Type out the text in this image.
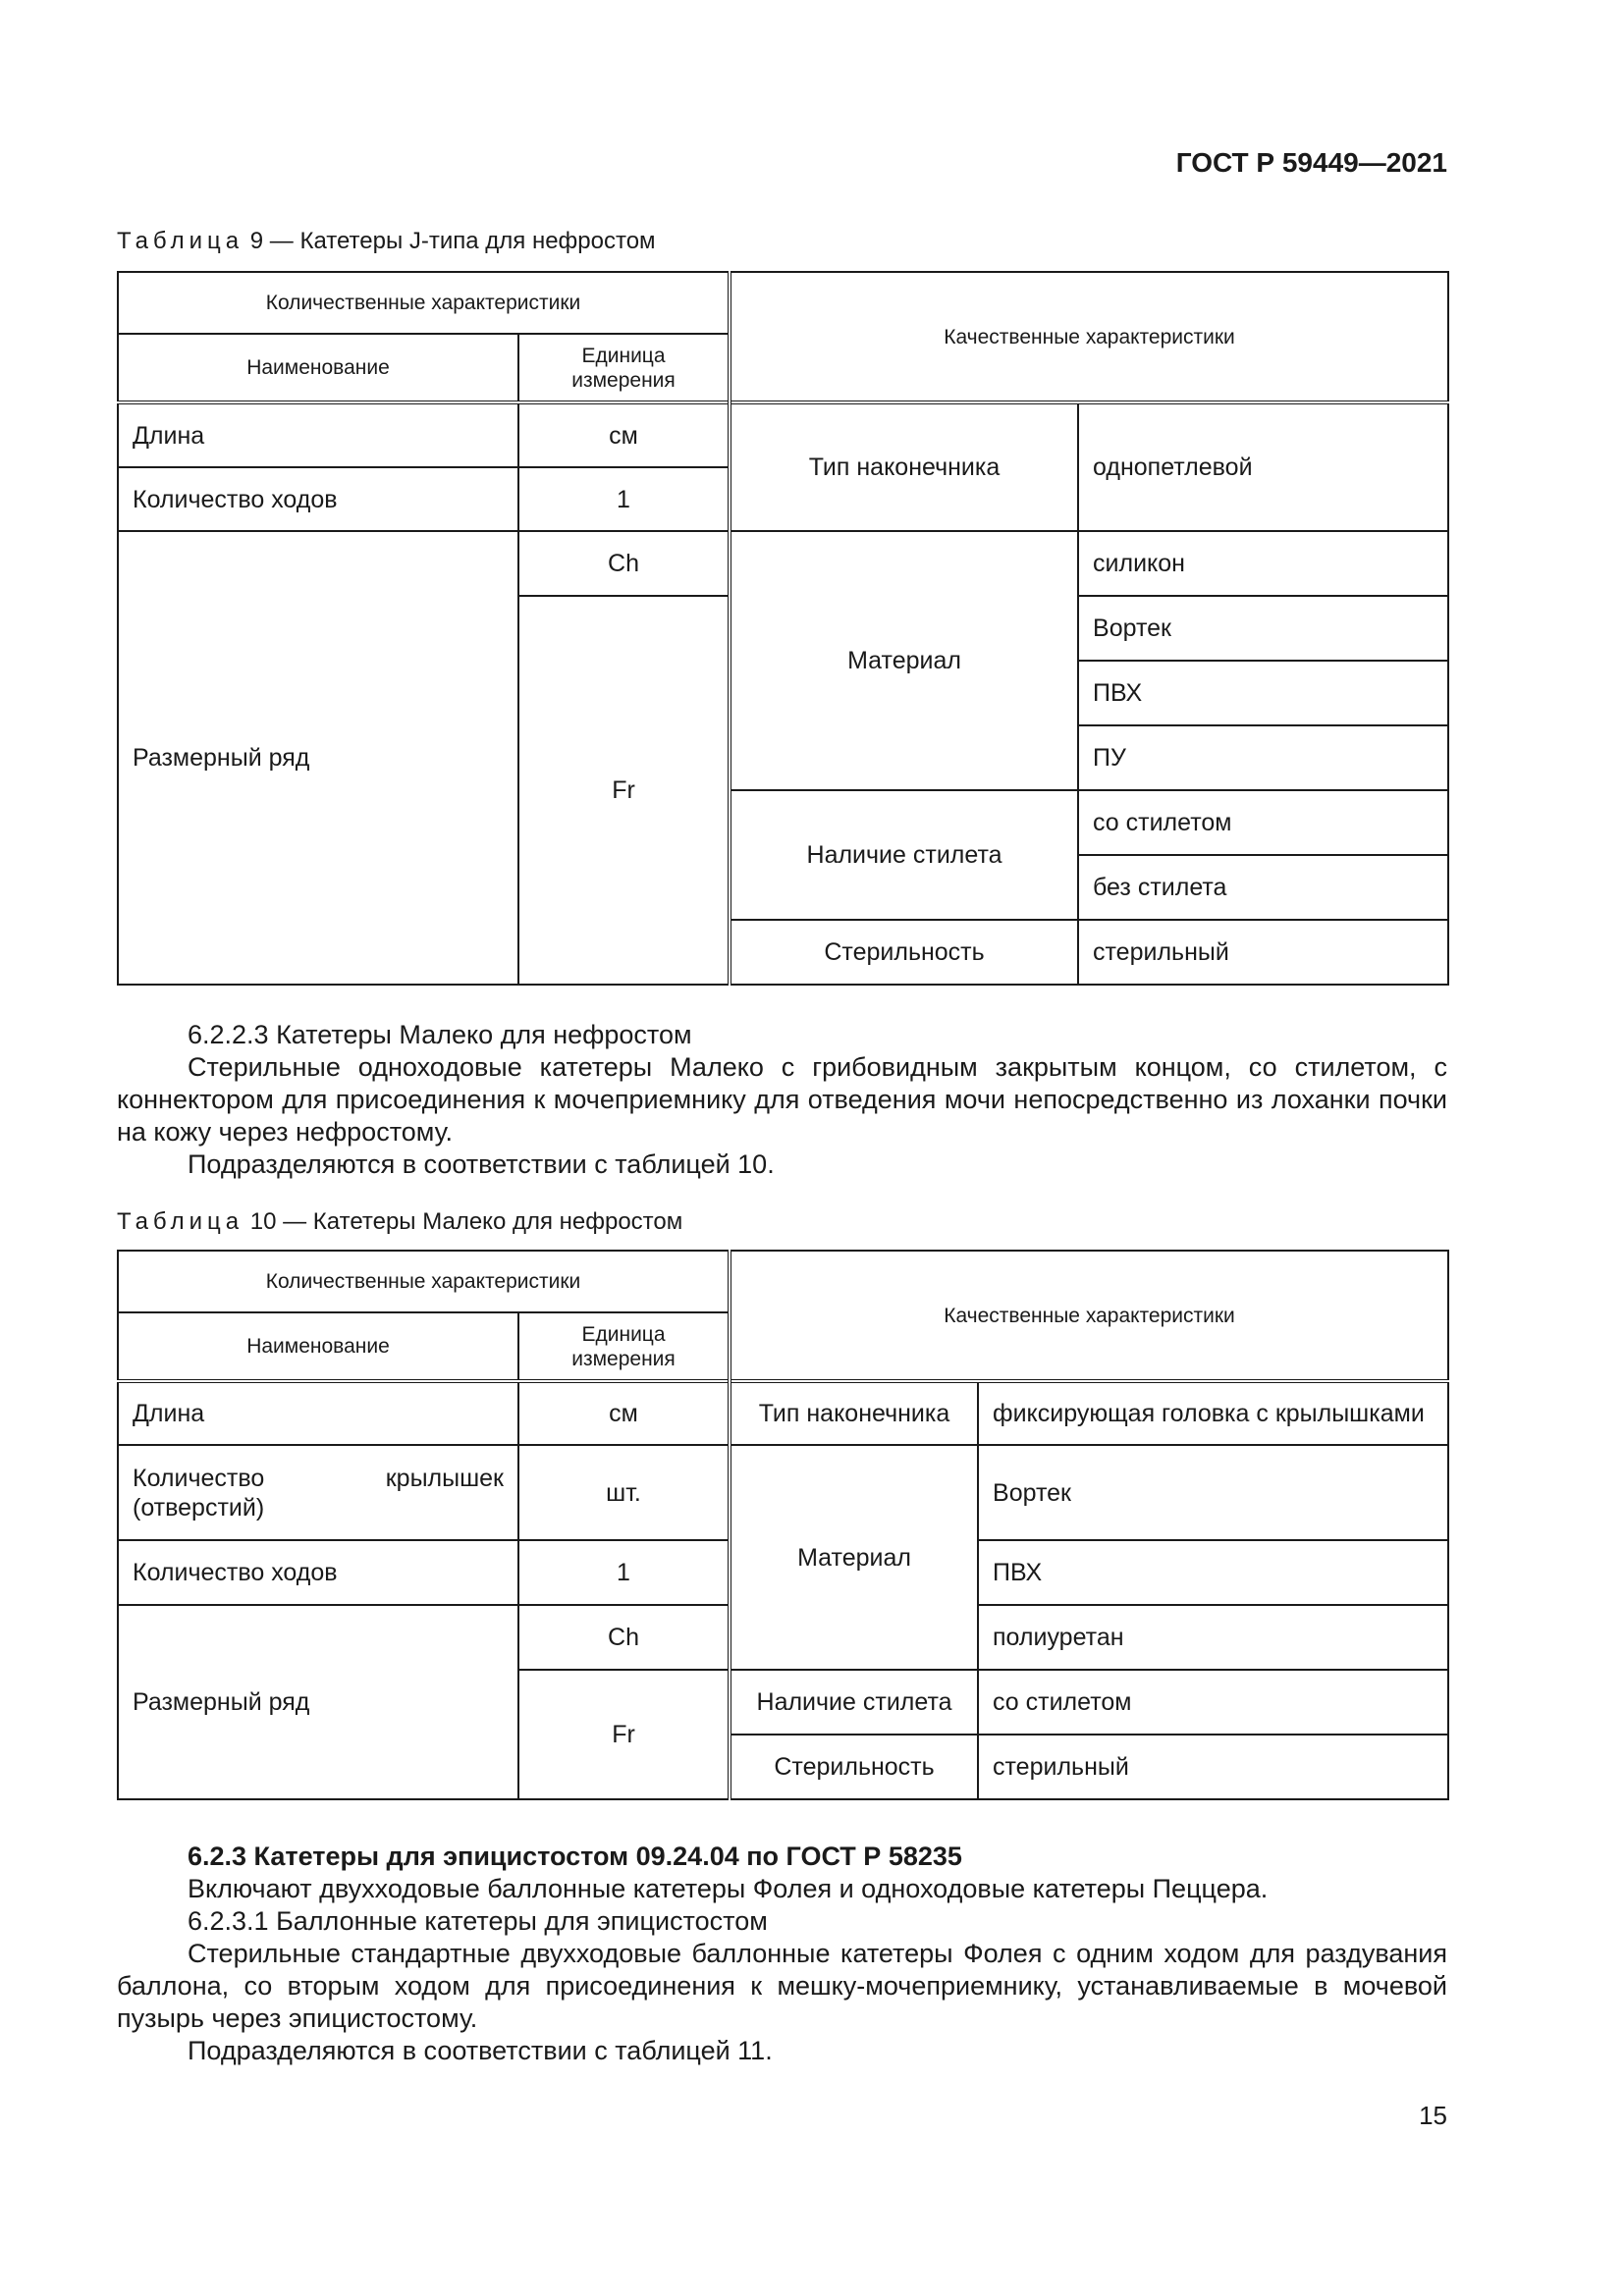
ГОСТ Р 59449—2021
Таблица 9 — Катетеры J-типа для нефростом
Количественные характеристики		Качественные характеристики	
Наименование	Единица измерения		
Длина	см	Тип наконечника	однопетлевой
Количество ходов	1		
Размерный ряд	Ch	Материал	силикон
	Fr		Вортек
			ПВХ
			ПУ
		Наличие стилета	со стилетом
			без стилета
		Стерильность	стерильный

6.2.2.3 Катетеры Малеко для нефростом

Стерильные одноходовые катетеры Малеко с грибовидным закрытым концом, со стилетом, с коннектором для присоединения к мочеприемнику для отведения мочи непосредственно из лоханки почки на кожу через нефростому.

Подразделяются в соответствии с таблицей 10.

Таблица 10 — Катетеры Малеко для нефростом
Количественные характеристики		Качественные характеристики	
Наименование	Единица измерения		
Длина	см	Тип наконечника	фиксирующая головка с крылышками
Количество крылышек (отверстий)	шт.	Материал	Вортек
Количество ходов	1		ПВХ
Размерный ряд	Ch		полиуретан
	Fr	Наличие стилета	со стилетом
		Стерильность	стерильный

6.2.3 Катетеры для эпицистостом 09.24.04 по ГОСТ Р 58235

Включают двухходовые баллонные катетеры Фолея и одноходовые катетеры Пеццера.

6.2.3.1 Баллонные катетеры для эпицистостом

Стерильные стандартные двухходовые баллонные катетеры Фолея с одним ходом для раздувания баллона, со вторым ходом для присоединения к мешку-мочеприемнику, устанавливаемые в мочевой пузырь через эпицистостому.

Подразделяются в соответствии с таблицей 11.

15
